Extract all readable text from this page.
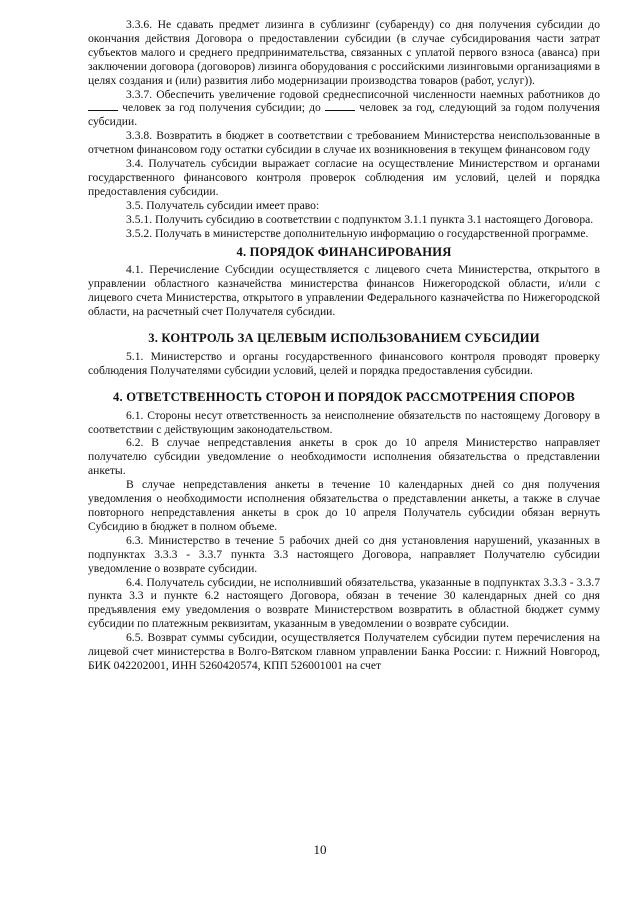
3.3.6. Не сдавать предмет лизинга в сублизинг (субаренду) со дня получения субсидии до окончания действия Договора о предоставлении субсидии (в случае субсидирования части затрат субъектов малого и среднего предпринимательства, связанных с уплатой первого взноса (аванса) при заключении договора (договоров) лизинга оборудования с российскими лизинговыми организациями в целях создания и (или) развития либо модернизации производства товаров (работ, услуг)).

3.3.7. Обеспечить увеличение годовой среднесписочной численности наемных работников до  человек за год получения субсидии; до	человек за год, следующий за годом получения субсидии.

3.3.8. Возвратить в бюджет в соответствии с требованием Министерства неиспользованные в отчетном финансовом году остатки субсидии в случае их возникновения в текущем финансовом году

3.4. Получатель субсидии выражает согласие на осуществление Министерством и органами государственного финансового контроля проверок соблюдения им условий, целей и порядка предоставления субсидии.

3.5. Получатель субсидии имеет право:

3.5.1. Получить субсидию в соответствии с подпунктом 3.1.1 пункта 3.1 настоящего Договора.

3.5.2. Получать в министерстве дополнительную информацию о государственной программе.

4. ПОРЯДОК ФИНАНСИРОВАНИЯ

4.1. Перечисление Субсидии осуществляется с лицевого счета Министерства, открытого в управлении областного казначейства министерства финансов Нижегородской области, и/или с лицевого счета Министерства, открытого в управлении Федерального казначейства по Нижегородской области, на расчетный счет Получателя субсидии.

3. КОНТРОЛЬ ЗА ЦЕЛЕВЫМ ИСПОЛЬЗОВАНИЕМ СУБСИДИИ

5.1. Министерство и органы государственного финансового контроля проводят проверку соблюдения Получателями субсидии условий, целей и порядка предоставления субсидии.

4. ОТВЕТСТВЕННОСТЬ СТОРОН И ПОРЯДОК РАССМОТРЕНИЯ СПОРОВ

6.1. Стороны несут ответственность за неисполнение обязательств по настоящему Договору в соответствии с действующим законодательством.

6.2. В случае непредставления анкеты в срок до 10 апреля Министерство направляет получателю субсидии уведомление о необходимости исполнения обязательства о представлении анкеты.

В случае непредставления анкеты в течение 10 календарных дней со дня получения уведомления о необходимости исполнения обязательства о представлении анкеты, а также в случае повторного непредставления анкеты в срок до 10 апреля Получатель субсидии обязан вернуть Субсидию в бюджет в полном объеме.

6.3. Министерство в течение 5 рабочих дней со дня установления нарушений, указанных в подпунктах 3.3.3 - 3.3.7 пункта 3.3 настоящего Договора, направляет Получателю субсидии уведомление о возврате субсидии.

6.4. Получатель субсидии, не исполнивший обязательства, указанные в подпунктах 3.3.3 - 3.3.7 пункта 3.3 и пункте 6.2 настоящего Договора, обязан в течение 30 календарных дней со дня предъявления ему уведомления о возврате Министерством возвратить в областной бюджет сумму субсидии по платежным реквизитам, указанным в уведомлении о возврате субсидии.

6.5. Возврат суммы субсидии, осуществляется Получателем субсидии путем перечисления на лицевой счет министерства в Волго-Вятском главном управлении Банка России: г. Нижний Новгород, БИК 042202001, ИНН 5260420574, КПП 526001001 на счет

10
